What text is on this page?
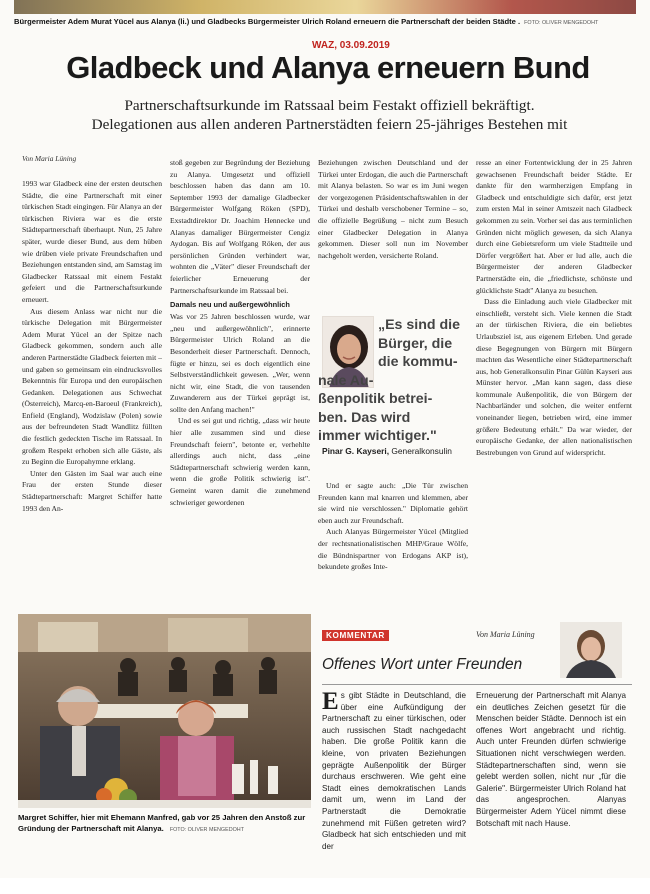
Bürgermeister Adem Murat Yücel aus Alanya (li.) und Gladbecks Bürgermeister Ulrich Roland erneuern die Partnerschaft der beiden Städte . FOTO: OLIVER MENGEDOHT
WAZ, 03.09.2019
Gladbeck und Alanya erneuern Bund
Partnerschaftsurkunde im Ratssaal beim Festakt offiziell bekräftigt.
Delegationen aus allen anderen Partnerstädten feiern 25-jähriges Bestehen mit
Von Maria Lüning

1993 war Gladbeck eine der ersten deutschen Städte, die eine Partnerschaft mit einer türkischen Stadt eingingen. Für Alanya an der türkischen Riviera war es die erste Städtepartnerschaft überhaupt. Nun, 25 Jahre später, wurde dieser Bund, aus dem hüben wie drüben viele private Freundschaften und Beziehungen entstanden sind, am Samstag im Gladbecker Ratssaal mit einem Festakt gefeiert und die Partnerschaftsurkunde erneuert.

Aus diesem Anlass war nicht nur die türkische Delegation mit Bürgermeister Adem Murat Yücel an der Spitze nach Gladbeck gekommen, sondern auch alle anderen Partnerstädte Gladbeck feierten mit – und gaben so gemeinsam ein eindrucksvolles Bekenntnis für Europa und den europäischen Gedanken. Delegationen aus Schwechat (Österreich), Marcq-en-Baroeul (Frankreich), Enfield (England), Wodzislaw (Polen) sowie aus der befreundeten Stadt Wandlitz füllten die festlich gedeckten Tische im Ratssaal. In großem Respekt erhoben sich alle Gäste, als zu Beginn die Europahymne erklang.

Unter den Gästen im Saal war auch eine Frau der ersten Stunde dieser Städtepartnerschaft: Margret Schiffer hatte 1993 den An-

stoß gegeben zur Begründung der Beziehung zu Alanya. Umgesetzt und offiziell beschlossen haben das dann am 10. September 1993 der damalige Gladbecker Bürgermeister Wolfgang Röken (SPD), Exstadtdirektor Dr. Joachim Hennecke und Alanyas damaliger Bürgermeister Cengiz Aydogan. Bis auf Wolfgang Röken, der aus persönlichen Gründen verhindert war, wohnten die „Väter" dieser Freundschaft der feierlicher Erneuerung der Partnerschaftsurkunde im Ratssaal bei.

Damals neu und außergewöhnlich

Was vor 25 Jahren beschlossen wurde, war „neu und außergewöhnlich", erinnerte Bürgermeister Ulrich Roland an die Besonderheit dieser Partnerschaft. Dennoch, fügte er hinzu, sei es doch eigentlich eine Selbstverständlichkeit gewesen. „Wer, wenn nicht wir, eine Stadt, die von tausenden Zuwanderern aus der Türkei geprägt ist, sollte den Anfang machen!"

Und es sei gut und richtig, „dass wir heute hier alle zusammen sind und diese Freundschaft feiern", betonte er, verhehlte allerdings auch nicht, dass „eine Städtepartnerschaft schwierig werden kann, wenn die große Politik schwierig ist". Gemeint waren damit die zunehmend schwieriger gewordenen

Beziehungen zwischen Deutschland und der Türkei unter Erdogan, die auch die Partnerschaft mit Alanya belasten. So war es im Juni wegen der vorgezogenen Präsidentschaftswahlen in der Türkei und deshalb verschobener Termine – so, die offizielle Begrüßung – nicht zum Besuch einer Gladbecker Delegation in Alanya gekommen. Dieser soll nun im November nachgeholt werden, versicherte Roland.

„Es sind die
Bürger, die
die kommu-
nale Au-
ßenpolitik betrei-
ben. Das wird
immer wichtiger."
Pinar G. Kayseri, Generalkonsulin

Und er sagte auch: „Die Tür zwischen Freunden kann mal knarren und klemmen, aber sie wird nie verschlossen." Diplomatie gehört eben auch zur Freundschaft.

Auch Alanyas Bürgermeister Yücel (Mitglied der rechtsnationalistischen MHP/Graue Wölfe, die Bündnispartner von Erdogans AKP ist), bekundete großes Inte-

resse an einer Fortentwicklung der in 25 Jahren gewachsenen Freundschaft beider Städte. Er dankte für den warmherzigen Empfang in Gladbeck und entschuldigte sich dafür, erst jetzt zum ersten Mal in seiner Amtszeit nach Gladbeck gekommen zu sein. Vorher sei das aus terminlichen Gründen nicht möglich gewesen, da sich Alanya durch eine Gebietsreform um viele Stadtteile und Dörfer vergrößert hat. Aber er lud alle, auch die Bürgermeister der anderen Gladbecker Partnerstädte ein, die „friedlichste, schönste und glücklichste Stadt" Alanya zu besuchen.

Dass die Einladung auch viele Gladbecker mit einschließt, versteht sich. Viele kennen die Stadt an der türkischen Riviera, die ein beliebtes Urlaubsziel ist, aus eigenem Erleben. Und gerade diese Begegnungen von Bürgern mit Bürgern machten das Wesentliche einer Städtepartnerschaft aus, hob Generalkonsulin Pinar Gülün Kayseri aus Münster hervor. „Man kann sagen, dass diese kommunale Außenpolitik, die von Bürgern der Nachbarländer und solchen, die weiter entfernt voneinander liegen, betrieben wird, eine immer größere Bedeutung erhält." Da war wieder, der europäische Gedanke, der allen nationalistischen Bestrebungen von Grund auf widerspricht.

Margret Schiffer, hier mit Ehemann Manfred, gab vor 25 Jahren den Anstoß zur Gründung der Partnerschaft mit Alanya. FOTO: OLIVER MENGEDOHT
KOMMENTAR	Von Maria Lüning
Offenes Wort unter Freunden
Es gibt Städte in Deutschland, die über eine Aufkündigung der Partnerschaft zu einer türkischen, oder auch russischen Stadt nachgedacht haben. Die große Politik kann die kleine, von privaten Beziehungen geprägte Außenpolitik der Bürger durchaus erschweren. Wie geht eine Stadt eines demokratischen Lands damit um, wenn im Land der Partnerstadt die Demokratie zunehmend mit Füßen getreten wird? Gladbeck hat sich entschieden und mit der
Erneuerung der Partnerschaft mit Alanya ein deutliches Zeichen gesetzt für die Menschen beider Städte. Dennoch ist ein offenes Wort angebracht und richtig. Auch unter Freunden dürfen schwierige Situationen nicht verschwiegen werden. Städtepartnerschaften sind, wenn sie gelebt werden sollen, nicht nur „für die Galerie". Bürgermeister Ulrich Roland hat das angesprochen. Alanyas Bürgermeister Adem Yücel nimmt diese Botschaft mit nach Hause.
